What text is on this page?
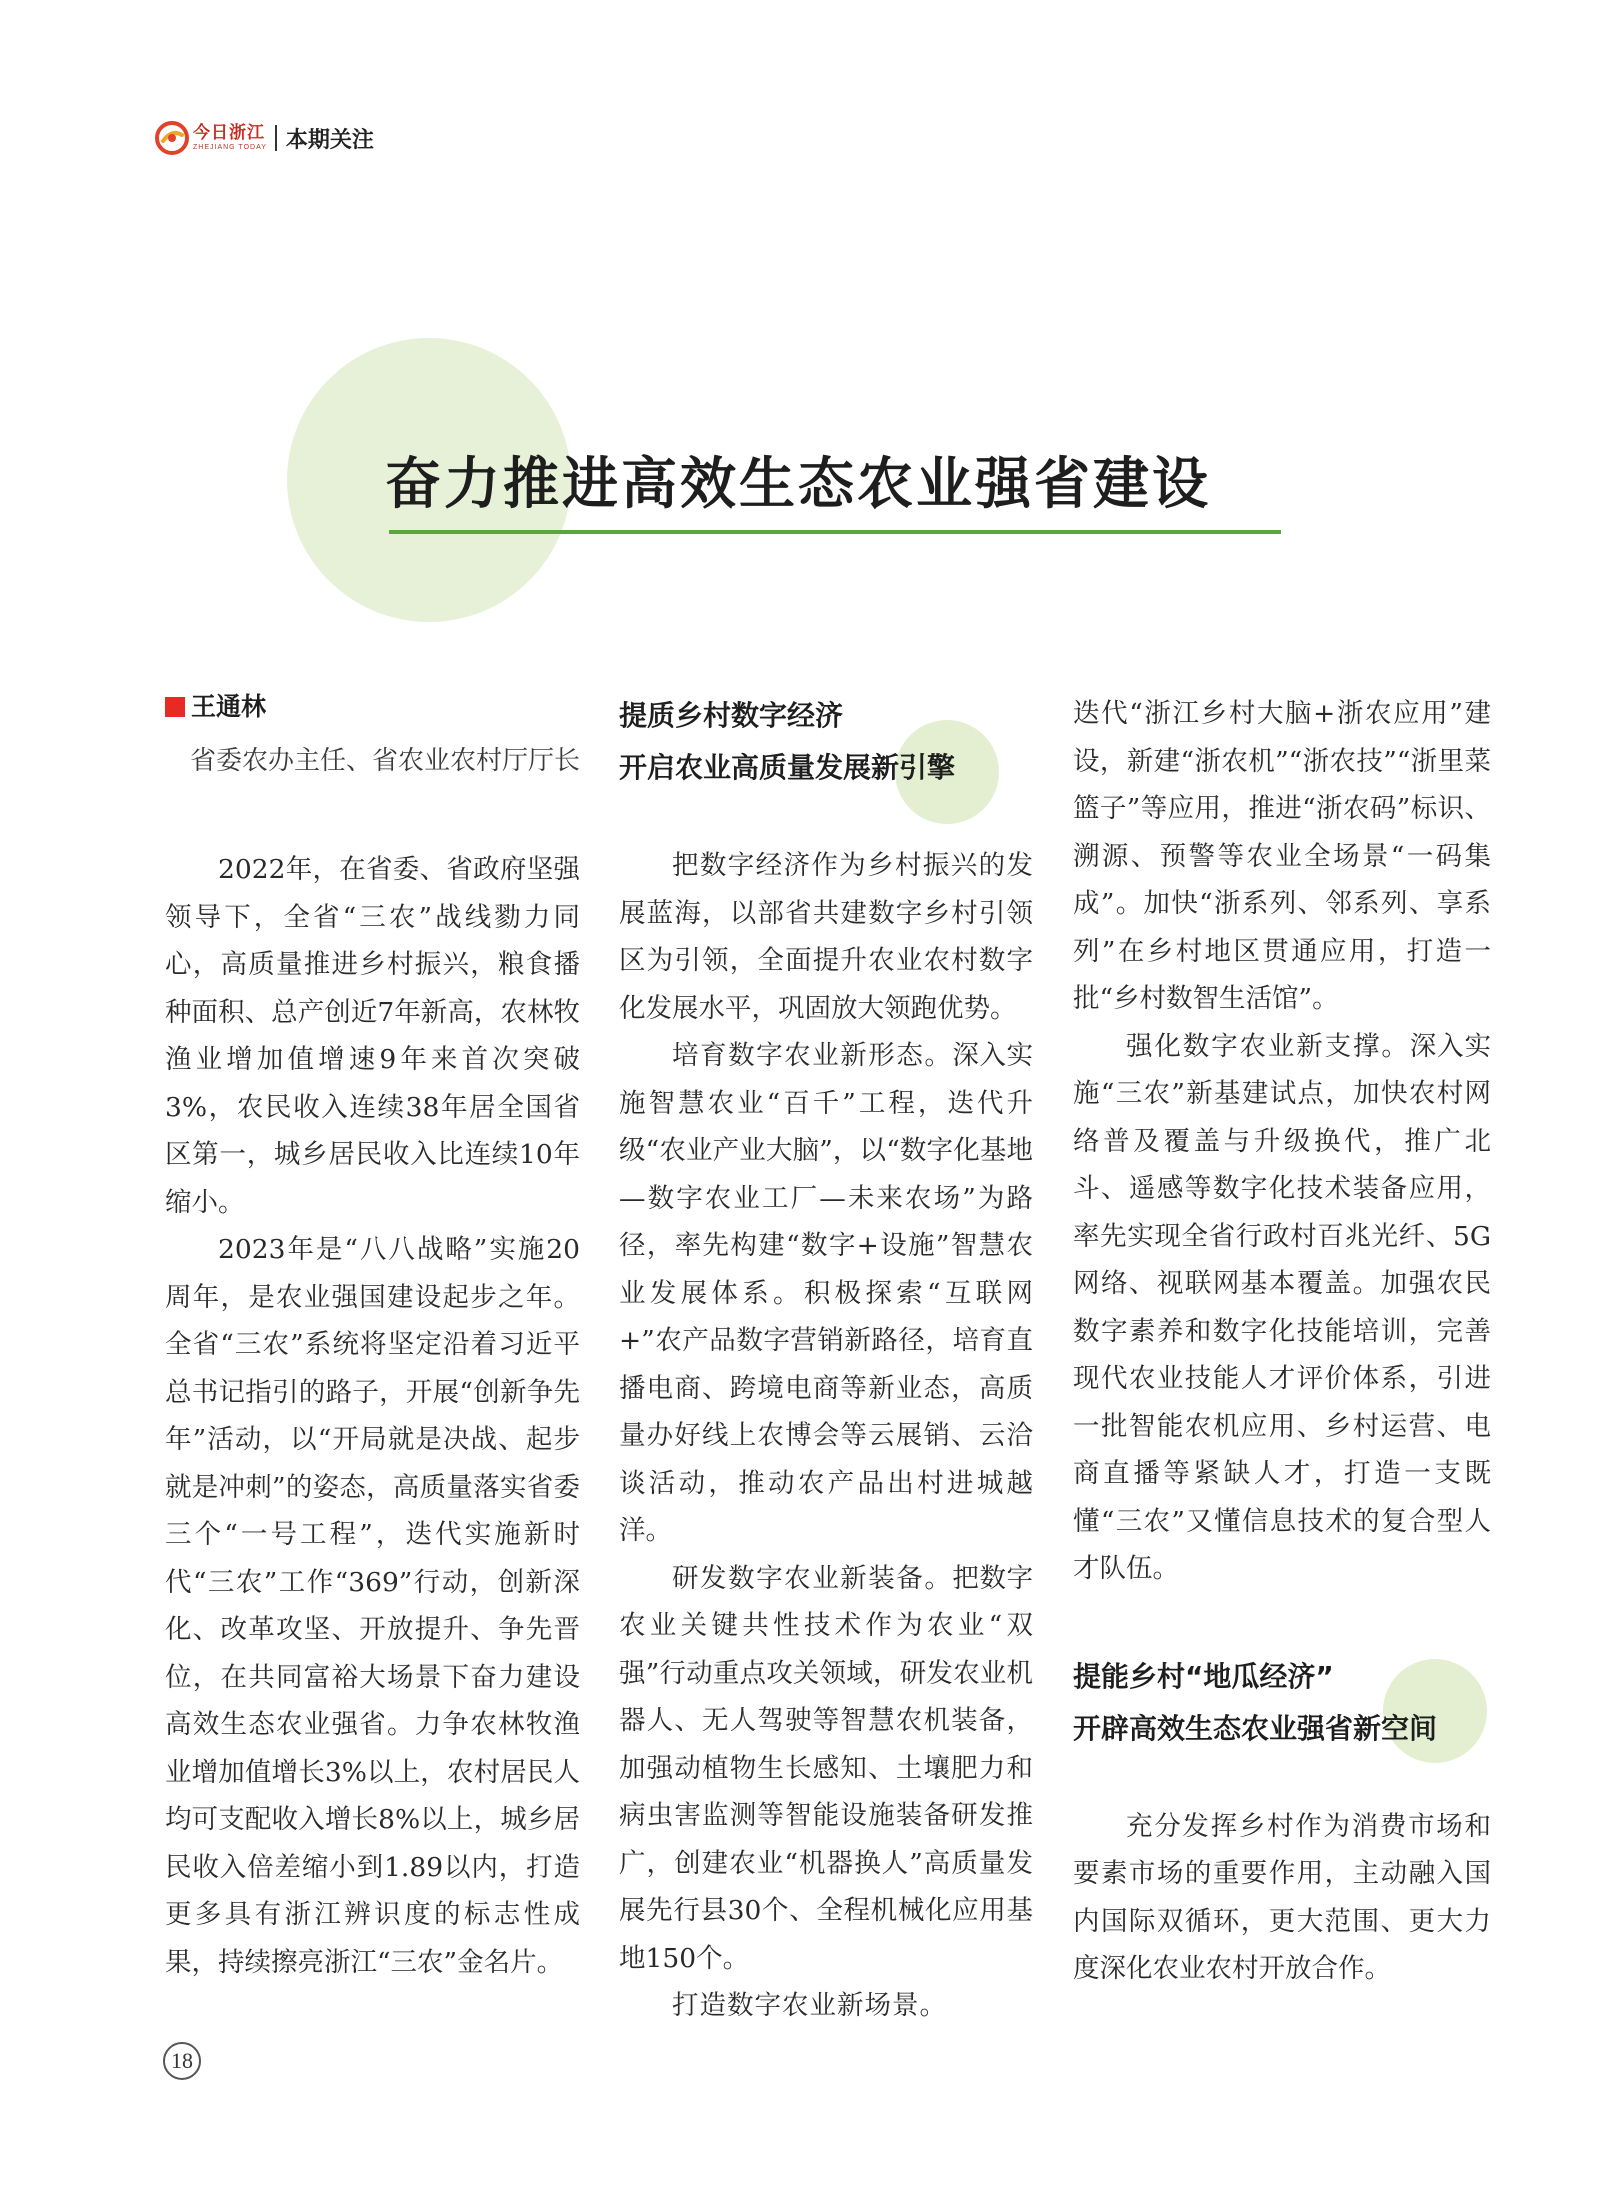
今日浙江
ZHEJIANG TODAY 本期关注
奋力推进高效生态农业强省建设
王通林
省委农办主任、省农业农村厅厅长

2022年，在省委、省政府坚强领导下，全省“三农”战线勠力同心，高质量推进乡村振兴，粮食播种面积、总产创近7年新高，农林牧渔业增加值增速9年来首次突破3%，农民收入连续38年居全国省区第一，城乡居民收入比连续10年缩小。

2023年是“八八战略”实施20周年，是农业强国建设起步之年。全省“三农”系统将坚定沿着习近平总书记指引的路子，开展“创新争先年”活动，以“开局就是决战、起步就是冲刺”的姿态，高质量落实省委三个“一号工程”，迭代实施新时代“三农”工作“369”行动，创新深化、改革攻坚、开放提升、争先晋位，在共同富裕大场景下奋力建设高效生态农业强省。力争农林牧渔业增加值增长3%以上，农村居民人均可支配收入增长8%以上，城乡居民收入倍差缩小到1.89以内，打造更多具有浙江辨识度的标志性成果，持续擦亮浙江“三农”金名片。

提质乡村数字经济
开启农业高质量发展新引擎

把数字经济作为乡村振兴的发展蓝海，以部省共建数字乡村引领区为引领，全面提升农业农村数字化发展水平，巩固放大领跑优势。

培育数字农业新形态。深入实施智慧农业“百千”工程，迭代升级“农业产业大脑”，以“数字化基地—数字农业工厂—未来农场”为路径，率先构建“数字+设施”智慧农业发展体系。积极探索“互联网+”农产品数字营销新路径，培育直播电商、跨境电商等新业态，高质量办好线上农博会等云展销、云洽谈活动，推动农产品出村进城越洋。

研发数字农业新装备。把数字农业关键共性技术作为农业“双强”行动重点攻关领域，研发农业机器人、无人驾驶等智慧农机装备，加强动植物生长感知、土壤肥力和病虫害监测等智能设施装备研发推广，创建农业“机器换人”高质量发展先行县30个、全程机械化应用基地150个。

打造数字农业新场景。

迭代“浙江乡村大脑+浙农应用”建设，新建“浙农机”“浙农技”“浙里菜篮子”等应用，推进“浙农码”标识、溯源、预警等农业全场景“一码集成”。加快“浙系列、邻系列、享系列”在乡村地区贯通应用，打造一批“乡村数智生活馆”。

强化数字农业新支撑。深入实施“三农”新基建试点，加快农村网络普及覆盖与升级换代，推广北斗、遥感等数字化技术装备应用，率先实现全省行政村百兆光纤、5G网络、视联网基本覆盖。加强农民数字素养和数字化技能培训，完善现代农业技能人才评价体系，引进一批智能农机应用、乡村运营、电商直播等紧缺人才，打造一支既懂“三农”又懂信息技术的复合型人才队伍。

提能乡村“地瓜经济”
开辟高效生态农业强省新空间

充分发挥乡村作为消费市场和要素市场的重要作用，主动融入国内国际双循环，更大范围、更大力度深化农业农村开放合作。

18
